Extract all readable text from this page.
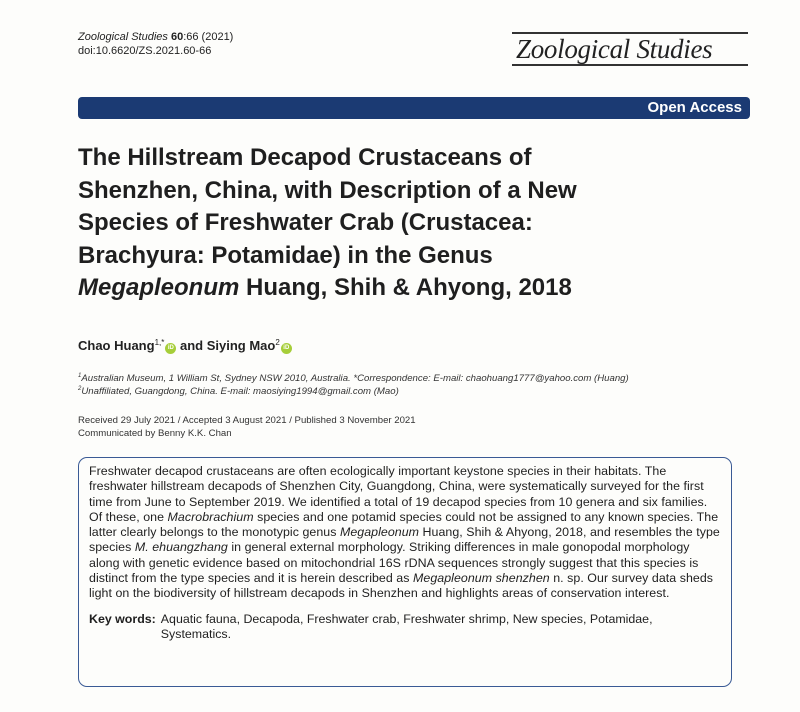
Zoological Studies 60:66 (2021)
doi:10.6620/ZS.2021.60-66	Zoological Studies
Open Access
The Hillstream Decapod Crustaceans of
Shenzhen, China, with Description of a New
Species of Freshwater Crab (Crustacea:
Brachyura: Potamidae) in the Genus
Megapleonum Huang, Shih & Ahyong, 2018
Chao Huang$^{1,*}$iD and Siying Mao$^2$iD
$^1$Australian Museum, 1 William St, Sydney NSW 2010, Australia. *Correspondence: E-mail: chaohuang1777@yahoo.com (Huang)
$^2$Unaffiliated, Guangdong, China. E-mail: maosiying1994@gmail.com (Mao)
Received 29 July 2021 / Accepted 3 August 2021 / Published 3 November 2021
Communicated by Benny K.K. Chan

Freshwater decapod crustaceans are often ecologically important keystone species in their habitats. The freshwater hillstream decapods of Shenzhen City, Guangdong, China, were systematically surveyed for the first time from June to September 2019. We identified a total of 19 decapod species from 10 genera and six families. Of these, one Macrobrachium species and one potamid species could not be assigned to any known species. The latter clearly belongs to the monotypic genus Megapleonum Huang, Shih & Ahyong, 2018, and resembles the type species M. ehuangzhang in general external morphology. Striking differences in male gonopodal morphology along with genetic evidence based on mitochondrial 16S rDNA sequences strongly suggest that this species is distinct from the type species and it is herein described as Megapleonum shenzhen n. sp. Our survey data sheds light on the biodiversity of hillstream decapods in Shenzhen and highlights areas of conservation interest.

Key words: Aquatic fauna, Decapoda, Freshwater crab, Freshwater shrimp, New species, Potamidae, Systematics.
